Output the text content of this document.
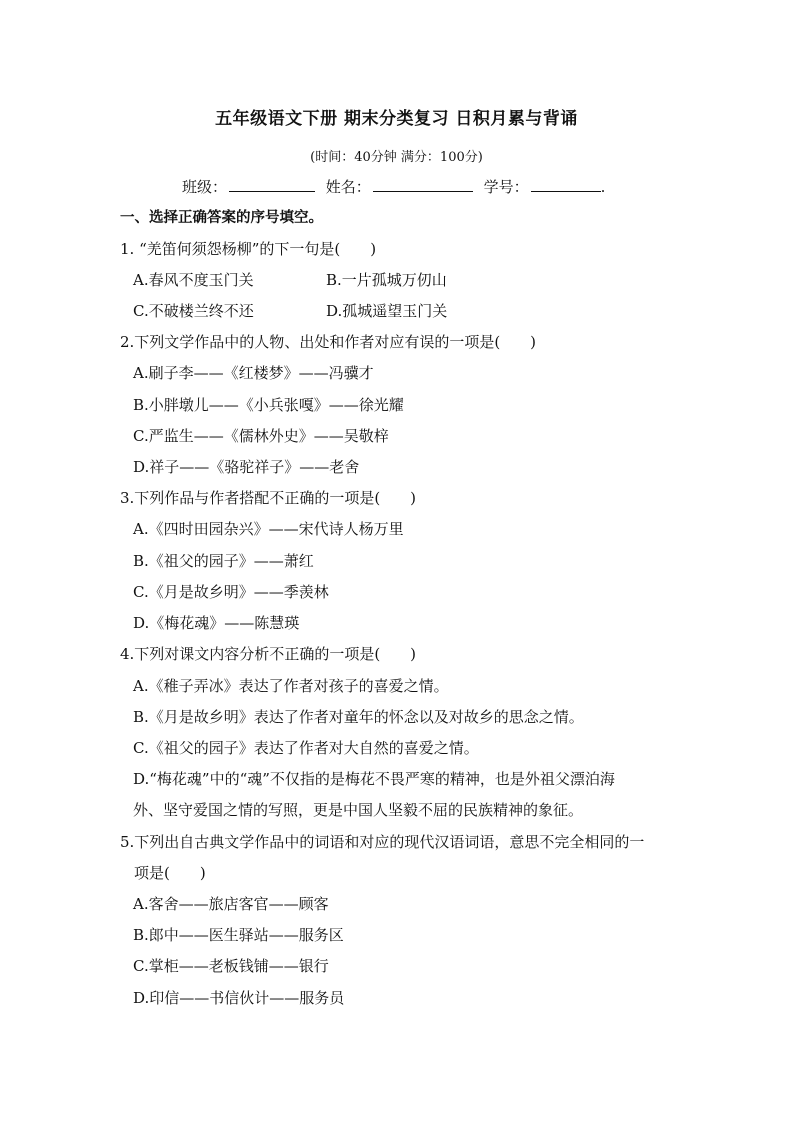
五年级语文下册 期末分类复习 日积月累与背诵
(时间：40分钟 满分：100分)
班级：	姓名：	学号：	.
一、选择正确答案的序号填空。
1. “羌笛何须怨杨柳”的下一句是(　　)
A.春风不度玉门关	B.一片孤城万仞山
C.不破楼兰终不还	D.孤城遥望玉门关
2.下列文学作品中的人物、出处和作者对应有误的一项是(　　)
A.刷子李——《红楼梦》——冯骥才
B.小胖墩儿——《小兵张嘎》——徐光耀
C.严监生——《儒林外史》——吴敬梓
D.祥子——《骆驼祥子》——老舍
3.下列作品与作者搭配不正确的一项是(　　)
A.《四时田园杂兴》——宋代诗人杨万里
B.《祖父的园子》——萧红
C.《月是故乡明》——季羡林
D.《梅花魂》——陈慧瑛
4.下列对课文内容分析不正确的一项是(　　)
A.《稚子弄冰》表达了作者对孩子的喜爱之情。
B.《月是故乡明》表达了作者对童年的怀念以及对故乡的思念之情。
C.《祖父的园子》表达了作者对大自然的喜爱之情。
D.“梅花魂”中的“魂”不仅指的是梅花不畏严寒的精神，也是外祖父漂泊海
外、坚守爱国之情的写照，更是中国人坚毅不屈的民族精神的象征。
5.下列出自古典文学作品中的词语和对应的现代汉语词语，意思不完全相同的一
项是(　　)
A.客舍——旅店客官——顾客
B.郎中——医生驿站——服务区
C.掌柜——老板钱铺——银行
D.印信——书信伙计——服务员
